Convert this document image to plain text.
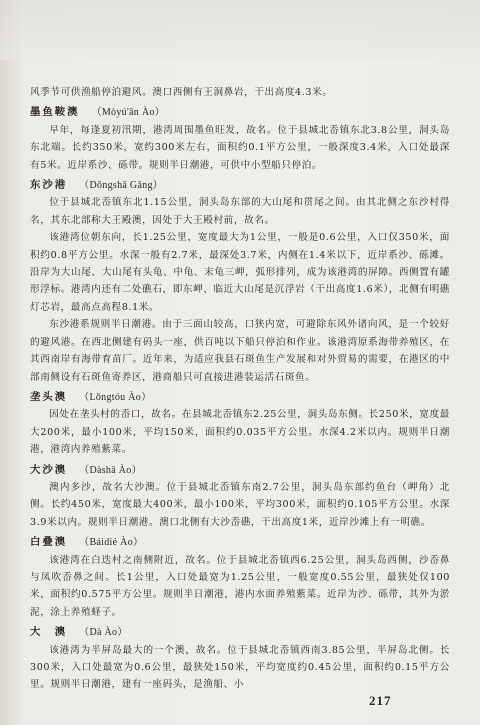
风季节可供渔船停泊避风。澳口西侧有王洞鼻岩，干出高度4.3米。

墨鱼鞍澳 （Mòyú'ān Ào）

早年，每逢夏初汛期，港湾周围墨鱼旺发，故名。位于县城北岙镇东北3.8公里，洞头岛东北端。长约350米，宽约300米左右，面积约0.1平方公里，一般深度3.4米，入口处最深有5米。近岸系沙、砾带。规则半日潮港，可供中小型船只停泊。

东沙港 （Dōngshā Gǎng）

位于县城北岙镇东北1.15公里，洞头岛东部的大山尾和贯尾之间。由其北侧之东沙村得名，其东北部称大王殿澳，因处于大王殿村前，故名。

该港湾位朝东向，长1.25公里，宽度最大为1公里，一般是0.6公里，入口仅350米，面积约0.8平方公里。水深一般有2.7米，最深处3.7米，内侧在1.4米以下，近岸系沙、砾滩。沿岸为大山尾、大山尾有头龟、中龟、末龟三岬，弧形排列，成为该港湾的屏障。西侧置有罐形浮标。港湾内还有二处礁石，即东岬、临近大山尾是沉浮岩（干出高度1.6米），北侧有明礁灯芯岩，最高点高程8.1米。

东沙港系规则半日潮港。由于三面山较高，口狭内宽，可避除东风外诸向风，是一个较好的避风港。在西北侧建有码头一座，供百吨以下船只停泊和作业。该港湾原系海带养殖区，在其西南岸有海带育苗厂。近年来，为适应我县石斑鱼生产发展和对外贸易的需要，在港区的中部南侧设有石斑鱼寄养区，港商船只可直接进港装运活石斑鱼。

垄头澳 （Lǒngtóu Ào）

因处在垄头村的岙口，故名。在县城北岙镇东2.25公里，洞头岛东侧。长250米，宽度最大200米，最小100米，平均150米，面积约0.035平方公里。水深4.2米以内。规则半日潮港，港湾内养殖紫菜。

大沙澳 （Dàshā Ào）

澳内多沙，故名大沙澳。位于县城北岙镇东南2.7公里，洞头岛东部约鱼台（岬角）北侧。长约450米，宽度最大400米，最小100米，平均300米，面积约0.105平方公里。水深3.9米以内。规则半日潮港。澳口北侧有大沙岙礁，干出高度1米，近岸沙滩上有一明礁。

白叠澳 （Báidié Ào）

该港湾在白迭村之南侧附近，故名。位于县城北岙镇西6.25公里，洞头岛西侧，沙岙鼻与凤吹岙鼻之间。长1公里，入口处最宽为1.25公里，一般宽度0.55公里，最狭处仅100米，面积约0.575平方公里。规则半日潮港，港内水面养殖紫菜。近岸为沙、砾带，其外为淤泥，涂上养殖蛏子。

大　澳 （Dà Ào）

该港湾为半屏岛最大的一个澳，故名。位于县城北岙镇西南3.85公里，半屏岛北侧。长300米，入口处最宽为0.6公里，最狭处150米，平均宽度约0.45公里，面积约0.15平方公里。规则半日潮港，建有一座码头，是渔船、小

217
